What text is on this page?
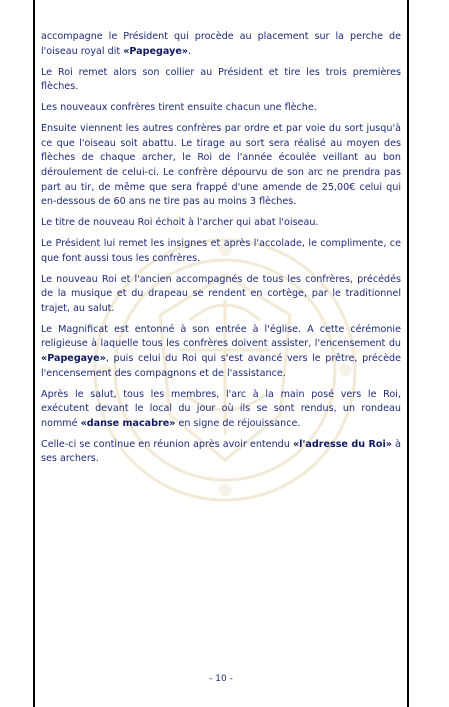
accompagne le Président qui procède au placement sur la perche de l'oiseau royal dit «Papegaye».

Le Roi remet alors son collier au Président et tire les trois premières flèches.

Les nouveaux confrères tirent ensuite chacun une flèche.

Ensuite viennent les autres confrères par ordre et par voie du sort jusqu'à ce que l'oiseau soit abattu. Le tirage au sort sera réalisé au moyen des flèches de chaque archer, le Roi de l'année écoulée veillant au bon déroulement de celui-ci. Le confrère dépourvu de son arc ne prendra pas part au tir, de même que sera frappé d'une amende de 25,00€ celui qui en-dessous de 60 ans ne tire pas au moins 3 flèches.

Le titre de nouveau Roi échoit à l'archer qui abat l'oiseau.

Le Président lui remet les insignes et après l'accolade, le complimente, ce que font aussi tous les confrères.

Le nouveau Roi et l'ancien accompagnés de tous les confrères, précédés de la musique et du drapeau se rendent en cortège, par le traditionnel trajet, au salut.

Le Magnificat est entonné à son entrée à l'église. A cette cérémonie religieuse à laquelle tous les confrères doivent assister, l'encensement du «Papegaye», puis celui du Roi qui s'est avancé vers le prêtre, précède l'encensement des compagnons et de l'assistance.

Après le salut, tous les membres, l'arc à la main posé vers le Roi, exécutent devant le local du jour où ils se sont rendus, un rondeau nommé «danse macabre» en signe de réjouissance.

Celle-ci se continue en réunion après avoir entendu «l'adresse du Roi» à ses archers.

- 10 -
